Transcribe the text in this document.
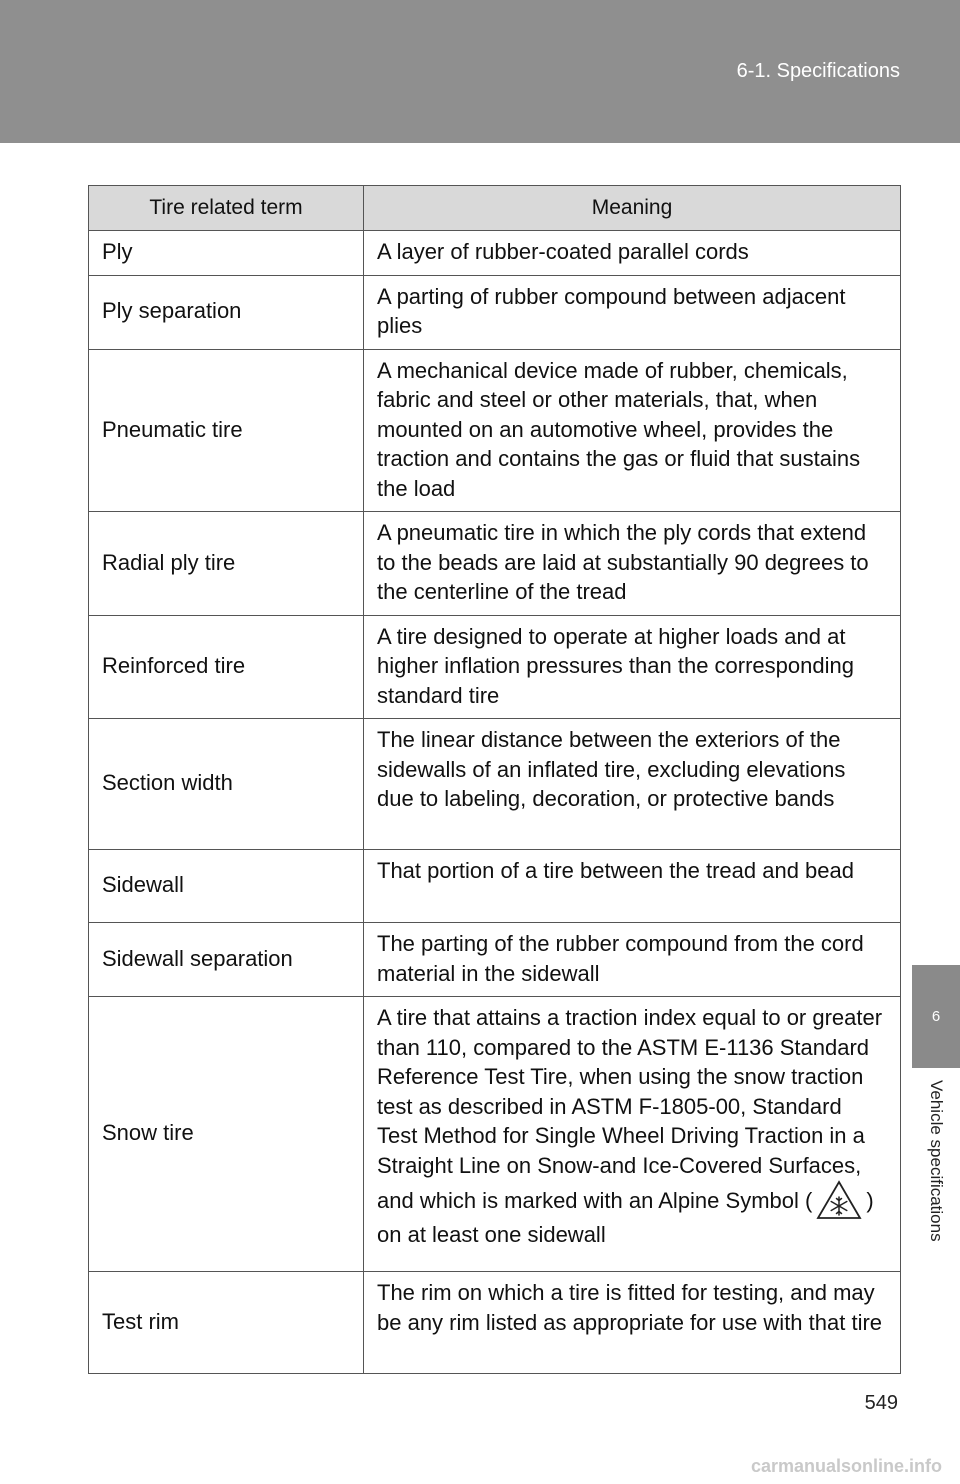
6-1. Specifications
6
Vehicle specifications
Tire related term	Meaning
Ply	A layer of rubber-coated parallel cords
Ply separation	A parting of rubber compound between adjacent plies
Pneumatic tire	A mechanical device made of rubber, chemicals, fabric and steel or other materials, that, when mounted on an automotive wheel, provides the traction and contains the gas or fluid that sustains the load
Radial ply tire	A pneumatic tire in which the ply cords that extend to the beads are laid at substantially 90 degrees to the centerline of the tread
Reinforced tire	A tire designed to operate at higher loads and at higher inflation pressures than the corresponding standard tire
Section width	The linear distance between the exteriors of the sidewalls of an inflated tire, excluding elevations due to labeling, decoration, or protective bands
Sidewall	That portion of a tire between the tread and bead
Sidewall separation	The parting of the rubber compound from the cord material in the sidewall
Snow tire	A tire that attains a traction index equal to or greater than 110, compared to the ASTM E-1136 Standard Reference Test Tire, when using the snow traction test as described in ASTM F-1805-00, Standard Test Method for Single Wheel Driving Traction in a Straight Line on Snow-and Ice-Covered Surfaces, and which is marked with an Alpine Symbol ( ) on at least one sidewall
Test rim	The rim on which a tire is fitted for testing, and may be any rim listed as appropriate for use with that tire
549
carmanualsonline.info
